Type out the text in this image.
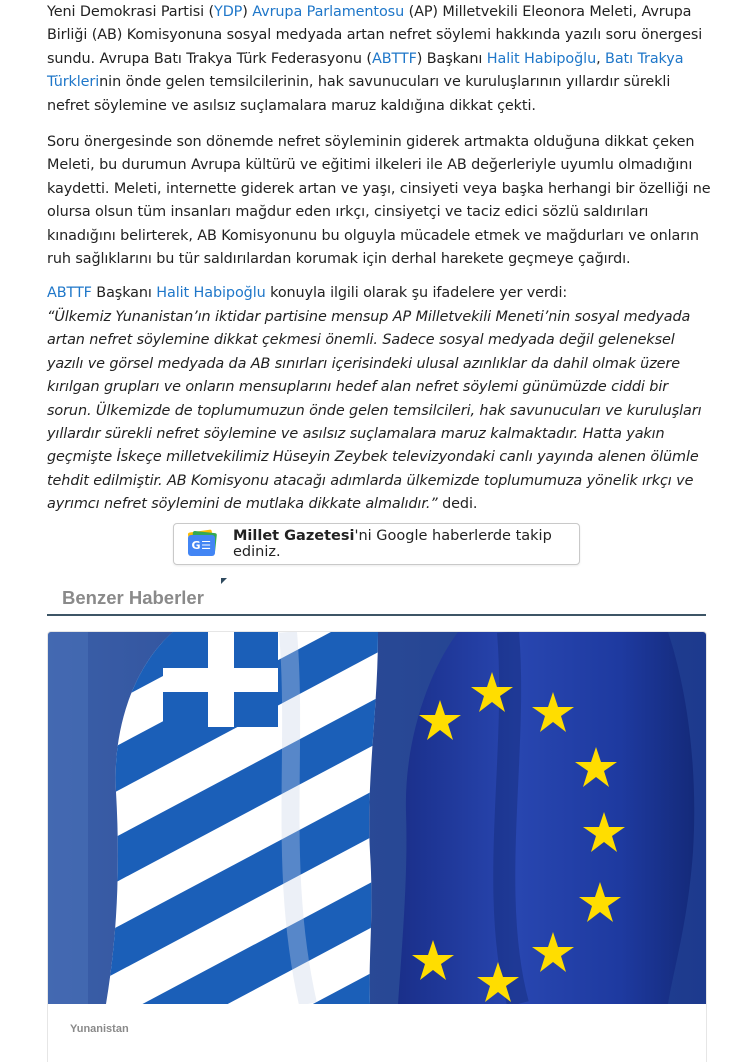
Yeni Demokrasi Partisi (YDP) Avrupa Parlamentosu (AP) Milletvekili Eleonora Meleti, Avrupa Birliği (AB) Komisyonuna sosyal medyada artan nefret söylemi hakkında yazılı soru önergesi sundu. Avrupa Batı Trakya Türk Federasyonu (ABTTF) Başkanı Halit Habipoğlu, Batı Trakya Türklerinin önde gelen temsilcilerinin, hak savunucuları ve kuruluşlarının yıllardır sürekli nefret söylemine ve asılsız suçlamalara maruz kaldığına dikkat çekti.

Soru önergesinde son dönemde nefret söyleminin giderek artmakta olduğuna dikkat çeken Meleti, bu durumun Avrupa kültürü ve eğitimi ilkeleri ile AB değerleriyle uyumlu olmadığını kaydetti. Meleti, internette giderek artan ve yaşı, cinsiyeti veya başka herhangi bir özelliği ne olursa olsun tüm insanları mağdur eden ırkçı, cinsiyetçi ve taciz edici sözlü saldırıları kınadığını belirterek, AB Komisyonunu bu olguyla mücadele etmek ve mağdurları ve onların ruh sağlıklarını bu tür saldırılardan korumak için derhal harekete geçmeye çağırdı.

ABTTF Başkanı Halit Habipoğlu konuyla ilgili olarak şu ifadelere yer verdi:

“Ülkemiz Yunanistan’ın iktidar partisine mensup AP Milletvekili Meneti’nin sosyal medyada artan nefret söylemine dikkat çekmesi önemli. Sadece sosyal medyada değil geleneksel yazılı ve görsel medyada da AB sınırları içerisindeki ulusal azınlıklar da dahil olmak üzere kırılgan grupları ve onların mensuplarını hedef alan nefret söylemi günümüzde ciddi bir sorun. Ülkemizde de toplumumuzun önde gelen temsilcileri, hak savunucuları ve kuruluşları yıllardır sürekli nefret söylemine ve asılsız suçlamalara maruz kalmaktadır. Hatta yakın geçmişte İskeçe milletvekilimiz Hüseyin Zeybek televizyondaki canlı yayında alenen ölümle tehdit edilmiştir. AB Komisyonu atacağı adımlarda ülkemizde toplumumuza yönelik ırkçı ve ayrımcı nefret söylemini de mutlaka dikkate almalıdır.” dedi.

G☰
Millet Gazetesi'ni Google haberlerde takip ediniz.
Benzer Haberler
Yunanistan
